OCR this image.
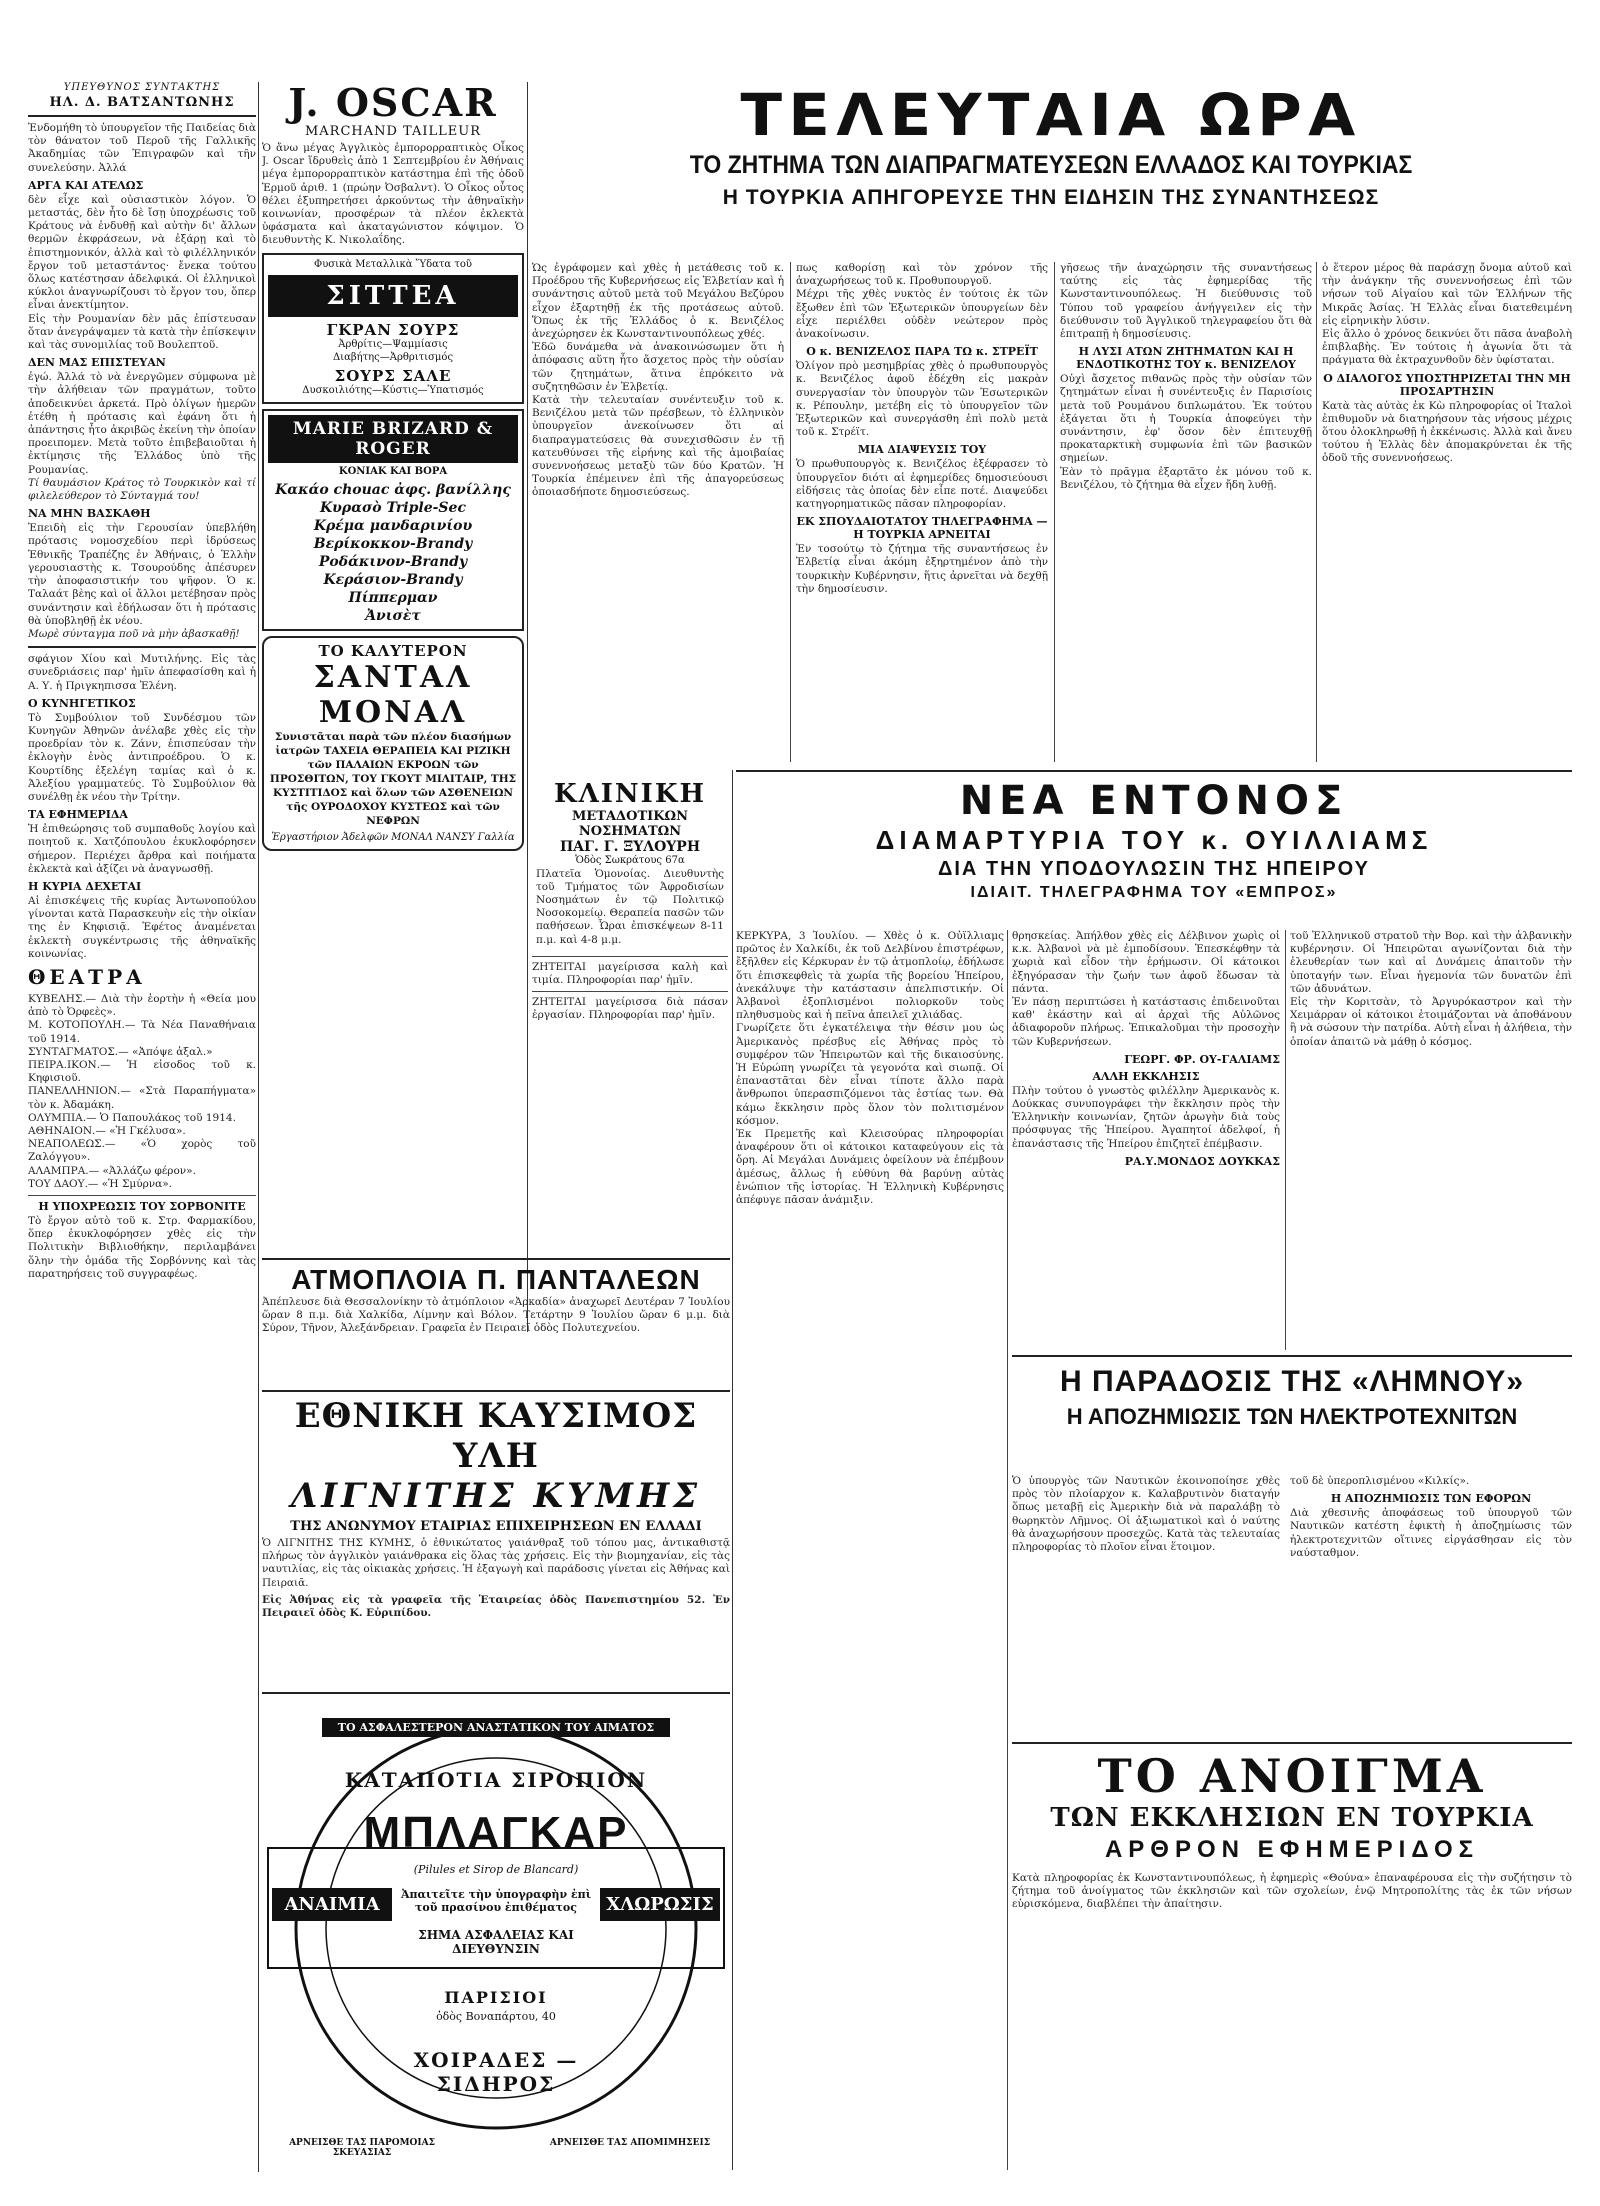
ΥΠΕΥΘΥΝΟΣ ΣΥΝΤΑΚΤΗΣ
ΗΛ. Δ. ΒΑΤΣΑΝΤΩΝΗΣ

Ἐνδομήθη τὸ ὑπουργεῖον τῆς Παιδείας διὰ τὸν θάνατον τοῦ Περοῦ τῆς Γαλλικῆς Ἀκαδημίας τῶν Ἐπιγραφῶν καὶ τῆν συνελεύσην. Ἀλλά

ΑΡΓΑ ΚΑΙ ΑΤΕΛΩΣ

δὲν εἶχε καὶ οὐσιαστικὸν λόγον. Ὁ μεταστάς, δὲν ἦτο δὲ ἴσῃ ὑποχρέωσις τοῦ Κράτους νὰ ἐνδυθῇ καὶ αὐτὴν δι' ἄλλων θερμῶν ἐκφράσεων, νὰ ἐξάρῃ καὶ τὸ ἐπιστημονικόν, ἀλλὰ καὶ τὸ φιλέλληνικόν ἔργον τοῦ μεταστάντος· ἔνεκα τούτου ὅλως κατέστησαν ἀδελφικά. Οἱ ἐλληνικοὶ κύκλοι ἀναγνωρίζουσι τὸ ἔργον του, ὅπερ εἶναι ἀνεκτίμητον.

Εἰς τὴν Ρουμανίαν δὲν μᾶς ἐπίστευσαν ὅταν ἀνεγράψαμεν τὰ κατὰ τὴν ἐπίσκεψιν καὶ τὰς συνομιλίας τοῦ Βουλεπτοῦ.

ΔΕΝ ΜΑΣ ΕΠΙΣΤΕΥΑΝ

ἐγώ. Ἀλλά τὸ νὰ ἐνεργῶμεν σύμφωνα μὲ τὴν ἀλήθειαν τῶν πραγμάτων, τοῦτο ἀποδεικνύει ἀρκετά. Πρὸ ὀλίγων ἡμερῶν ἐτέθη ἡ πρότασις καὶ ἐφάνη ὅτι ἡ ἀπάντησις ἦτο ἀκριβῶς ἐκείνη τὴν ὁποίαν προειπομεν. Μετὰ τοῦτο ἐπιβεβαιοῦται ἡ ἐκτίμησις τῆς Ἑλλάδος ὑπὸ τῆς Ρουμανίας.

Τί θαυμάσιον Κράτος τὸ Τουρκικὸν καὶ τί φιλελεύθερον τὸ Σύνταγμά του!

ΝΑ ΜΗΝ ΒΑΣΚΑΘΗ

Ἐπειδὴ εἰς τὴν Γερουσίαν ὑπεβλήθη πρότασις νομοσχεδίου περὶ ἱδρύσεως Ἐθνικῆς Τραπέζης ἐν Ἀθήναις, ὁ Ἑλλὴν γερουσιαστὴς κ. Τσουρούδης ἀπέσυρεν τὴν ἀποφασιστικήν του ψῆφον. Ὁ κ. Ταλαάτ βὲης καὶ οἱ ἄλλοι μετέβησαν πρὸς συνάντησιν καὶ ἐδήλωσαν ὅτι ἡ πρότασις θὰ ὑποβληθῇ ἐκ νέου.

Μωρὲ σύνταγμα ποῦ νὰ μὴν ἀβασκαθῇ!

σφάγιον Χίου καὶ Μυτιλήνης. Εἰς τὰς συνεδριάσεις παρ' ἡμῖν ἀπεφασίσθη καὶ ἡ Α. Υ. ἡ Πριγκηπισσα Ἑλένη.

Ο ΚΥΝΗΓΕΤΙΚΟΣ

Τὸ Συμβούλιον τοῦ Συνδέσμου τῶν Κυνηγῶν Ἀθηνῶν ἀνέλαβε χθὲς εἰς τὴν προεδρίαν τὸν κ. Ζάνν, ἐπισπεύσαν τὴν ἐκλογὴν ἑνὸς ἀντιπροέδρου. Ὁ κ. Κουρτίδης ἐξελέγη ταμίας καὶ ὁ κ. Ἀλεξίου γραμματεύς. Τὸ Συμβούλιον θὰ συνέλθῃ ἐκ νέου τὴν Τρίτην.

ΤΑ ΕΦΗΜΕΡΙΔΑ

Ἡ ἐπιθεώρησις τοῦ συμπαθοῦς λογίου καὶ ποιητοῦ κ. Χατζόπουλου ἐκυκλοφόρησεν σήμερον. Περιέχει ἄρθρα καὶ ποιήματα ἐκλεκτὰ καὶ ἀξίζει νὰ ἀναγνωσθῇ.

Η ΚΥΡΙΑ ΔΕΧΕΤΑΙ

Αἱ ἐπισκέψεις τῆς κυρίας Ἀντωνοπούλου γίνονται κατὰ Παρασκευὴν εἰς τὴν οἰκίαν της ἐν Κηφισιᾷ. Ἐφέτος ἀναμένεται ἐκλεκτὴ συγκέντρωσις τῆς ἀθηναϊκῆς κοινωνίας.

ΘΕΑΤΡΑ

ΚΥΒΕΛΗΣ.— Διὰ τὴν ἑορτὴν ἡ «Θεία μου ἀπὸ τὸ Ὀρφεὲς».

Μ. ΚΟΤΟΠΟΥΛΗ.— Τὰ Νέα Παναθήναια τοῦ 1914.

ΣΥΝΤΑΓΜΑΤΟΣ.— «Ἀπόψε ἀξαλ.»

ΠΕΙΡΑ.ΙΚΟΝ.— Ἡ εἰσοδος τοῦ κ. Κηφισιοῦ.

ΠΑΝΕΛΛΗΝΙΟΝ.— «Στὰ Παραπήγματα» τὸν κ. Ἀδαμάκη.

ΟΛΥΜΠΙΑ.— Ὁ Παπουλάκος τοῦ 1914.

ΑΘΗΝΑΙΟΝ.— «Ἡ Γκέλυσα».

ΝΕΑΠΟΛΕΩΣ.— «Ὁ χορὸς τοῦ Ζαλόγγου».

ΑΛΑΜΠΡΑ.— «Ἀλλάζω φέρον».

ΤΟΥ ΔΑΟΥ.— «Ἡ Σμύρνα».

Η ΥΠΟΧΡΕΩΣΙΣ ΤΟΥ ΣΟΡΒΟΝΙΤΕ

Τὸ ἔργον αὐτὸ τοῦ κ. Στρ. Φαρμακίδου, ὅπερ ἐκυκλοφόρησεν χθὲς εἰς τὴν Πολιτικὴν Βιβλιοθήκην, περιλαμβάνει ὅλην τὴν ὁμάδα τῆς Σορβόννης καὶ τὰς παρατηρήσεις τοῦ συγγραφέως.

J. OSCAR
MARCHAND TAILLEUR

Ὁ ἄνω μέγας Ἀγγλικὸς ἐμπορορραπτικὸς Οἶκος J. Oscar ἵδρυθεὶς ἀπὸ 1 Σεπτεμβρίου ἐν Ἀθήναις μέγα ἐμπορορραπτικὸν κατάστημα ἐπὶ τῆς ὁδοῦ Ἑρμοῦ ἀριθ. 1 (πρώην Ὀσβαλντ). Ὁ Οἶκος οὗτος θέλει ἐξυπηρετήσει ἀρκούντως τὴν ἀθηναϊκὴν κοινωνίαν, προσφέρων τὰ πλέον ἐκλεκτὰ ὑφάσματα καὶ ἀκαταγώνιστον κόψιμον. Ὁ διευθυντὴς Κ. Νικολαΐδης.

Φυσικὰ Μεταλλικὰ Ὕδατα τοῦ
ΣΙΤΤΕΑ
ΓΚΡΑΝ ΣΟΥΡΣ
Ἀρθρίτις—Ψαμμίασις
Διαβήτης—Ἀρθριτισμός
ΣΟΥΡΣ ΣΑΛΕ
Δυσκοιλιότης—Κύστις—Ὑπατισμός
MARIE BRIZARD & ROGER
ΚΟΝΙΑΚ ΚΑΙ ΒΟΡΑ
Κακάο chouac ἀφς. βανίλλης
Κυρασὸ Triple-Sec
Κρέμα μανδαρινίου
Βερίκοκκον-Brandy
Ροδάκινον-Brandy
Κεράσιον-Brandy
Πίππερμαν
Ἀνισὲτ
ΤΟ ΚΑΛΥΤΕΡΟΝ
ΣΑΝΤΑΛ ΜΟΝΑΛ
Συνιστᾶται παρὰ τῶν πλέον διασήμων ἰατρῶν ΤΑΧΕΙΑ ΘΕΡΑΠΕΙΑ ΚΑΙ ΡΙΖΙΚΗ τῶν ΠΑΛΑΙΩΝ ΕΚΡΟΩΝ τῶν ΠΡΟΣΘΙΤΩΝ, ΤΟΥ ΓΚΟΥΤ ΜΙΛΙΤΑΙΡ, ΤΗΣ ΚΥΣΤΙΤΙΔΟΣ καὶ ὅλων τῶν ΑΣΘΕΝΕΙΩΝ τῆς ΟΥΡΟΔΟΧΟΥ ΚΥΣΤΕΩΣ καὶ τῶν ΝΕΦΡΩΝ
Ἐργαστήριον Ἀδελφῶν ΜΟΝΑΛ ΝΑΝΣΥ Γαλλία
ΤΕΛΕΥΤΑΙΑ ΩΡΑ
ΤΟ ΖΗΤΗΜΑ ΤΩΝ ΔΙΑΠΡΑΓΜΑΤΕΥΣΕΩΝ ΕΛΛΑΔΟΣ ΚΑΙ ΤΟΥΡΚΙΑΣ
Η ΤΟΥΡΚΙΑ ΑΠΗΓΟΡΕΥΣΕ ΤΗΝ ΕΙΔΗΣΙΝ ΤΗΣ ΣΥΝΑΝΤΗΣΕΩΣ

Ὡς ἐγράφομεν καὶ χθὲς ἡ μετάθεσις τοῦ κ. Προέδρου τῆς Κυβερνήσεως εἰς Ἑλβετίαν καὶ ἡ συνάντησις αὐτοῦ μετὰ τοῦ Μεγάλου Βεζύρου εἶχον ἐξαρτηθῇ ἐκ τῆς προτάσεως αὐτοῦ. Ὅπως ἐκ τῆς Ἑλλάδος ὁ κ. Βενιζέλος ἀνεχώρησεν ἐκ Κωνσταντινουπόλεως χθές.

Ἐδῶ δυνάμεθα νὰ ἀνακοινώσωμεν ὅτι ἡ ἀπόφασις αὕτη ἦτο ἄσχετος πρὸς τὴν οὐσίαν τῶν ζητημάτων, ἅτινα ἐπρόκειτο νὰ συζητηθῶσιν ἐν Ἑλβετίᾳ.

Κατὰ τὴν τελευταίαν συνέντευξιν τοῦ κ. Βενιζέλου μετὰ τῶν πρέσβεων, τὸ ἑλληνικὸν ὑπουργεῖον ἀνεκοίνωσεν ὅτι αἱ διαπραγματεύσεις θὰ συνεχισθῶσιν ἐν τῇ κατευθύνσει τῆς εἰρήνης καὶ τῆς ἀμοιβαίας συνεννοήσεως μεταξὺ τῶν δύο Κρατῶν. Ἡ Τουρκία ἐπέμεινεν ἐπὶ τῆς ἀπαγορεύσεως ὁποιασδήποτε δημοσιεύσεως.

πως καθορίσῃ καὶ τὸν χρόνον τῆς ἀναχωρήσεως τοῦ κ. Προθυπουργοῦ.

Μέχρι τῆς χθὲς νυκτὸς ἐν τούτοις ἐκ τῶν ἔξωθεν ἐπὶ τῶν Ἐξωτερικῶν ὑπουργείων δὲν εἶχε περιέλθει οὐδὲν νεώτερον πρὸς ἀνακοίνωσιν.

Ο κ. ΒΕΝΙΖΕΛΟΣ ΠΑΡΑ ΤΩ κ. ΣΤΡΕΪΤ

Ὀλίγον πρὸ μεσημβρίας χθὲς ὁ πρωθυπουργὸς κ. Βενιζέλος ἀφοῦ ἐδέχθη εἰς μακρὰν συνεργασίαν τὸν ὑπουργὸν τῶν Ἐσωτερικῶν κ. Ρέπουλην, μετέβη εἰς τὸ ὑπουργεῖον τῶν Ἐξωτερικῶν καὶ συνεργάσθη ἐπὶ πολὺ μετὰ τοῦ κ. Στρέϊτ.

ΜΙΑ ΔΙΑΨΕΥΣΙΣ ΤΟΥ

Ὁ πρωθυπουργὸς κ. Βενιζέλος ἐξέφρασεν τὸ ὑπουργεῖον διότι αἱ ἐφημερίδες δημοσιεύουσι εἰδήσεις τὰς ὁποίας δὲν εἶπε ποτέ. Διαψεύδει κατηγορηματικῶς πᾶσαν πληροφορίαν.

ΕΚ ΣΠΟΥΔΑΙΟΤΑΤΟΥ ΤΗΛΕΓΡΑΦΗΜΑ —Η ΤΟΥΡΚΙΑ ΑΡΝΕΙΤΑΙ

Ἐν τοσούτῳ τὸ ζήτημα τῆς συναντήσεως ἐν Ἑλβετίᾳ εἶναι ἀκόμη ἐξηρτημένον ἀπὸ τὴν τουρκικὴν Κυβέρνησιν, ἥτις ἀρνεῖται νὰ δεχθῇ τὴν δημοσίευσιν.

γῆσεως τῆν ἀναχώρησιν τῆς συναντήσεως ταύτης εἰς τὰς ἐφημερίδας τῆς Κωνσταντινουπόλεως. Ἡ διεύθυνσις τοῦ Τύπου τοῦ γραφείου ἀνήγγειλεν εἰς τὴν διεύθυνσιν τοῦ Ἀγγλικοῦ τηλεγραφείου ὅτι θὰ ἐπιτραπῇ ἡ δημοσίευσις.

Η ΛΥΣΙ ΑΤΩΝ ΖΗΤΗΜΑΤΩΝ ΚΑΙ Η ΕΝΔΟΤΙΚΟΤΗΣ ΤΟΥ κ. ΒΕΝΙΖΕΛΟΥ

Οὐχὶ ἄσχετος πιθανῶς πρὸς τὴν οὐσίαν τῶν ζητημάτων εἶναι ἡ συνέντευξις ἐν Παρισίοις μετὰ τοῦ Ρουμάνου διπλωμάτου. Ἐκ τούτου ἐξάγεται ὅτι ἡ Τουρκία ἀποφεύγει τὴν συνάντησιν, ἐφ' ὅσον δὲν ἐπιτευχθῇ προκαταρκτικὴ συμφωνία ἐπὶ τῶν βασικῶν σημείων.

Ἐὰν τὸ πρᾶγμα ἐξαρτᾶτο ἐκ μόνου τοῦ κ. Βενιζέλου, τὸ ζήτημα θὰ εἶχεν ἤδη λυθῇ.

ὁ ἕτερον μέρος θὰ παράσχῃ ὄνομα αὐτοῦ καὶ τὴν ἀνάγκην τῆς συνεννοήσεως ἐπὶ τῶν νήσων τοῦ Αἰγαίου καὶ τῶν Ἑλλήνων τῆς Μικρᾶς Ἀσίας. Ἡ Ἑλλὰς εἶναι διατεθειμένη εἰς εἰρηνικὴν λύσιν.

Εἰς ἄλλο ὁ χρόνος δεικνύει ὅτι πᾶσα ἀναβολὴ ἐπιβλαβὴς. Ἐν τούτοις ἡ ἀγωνία ὅτι τὰ πράγματα θὰ ἐκτραχυνθοῦν δὲν ὑφίσταται.

Ο ΔΙΑΛΟΓΟΣ ΥΠΟΣΤΗΡΙΖΕΤΑΙ ΤΗΝ ΜΗ ΠΡΟΣΑΡΤΗΣΙΝ

Κατὰ τὰς αὐτὰς ἐκ Κὼ πληροφορίας οἱ Ἰταλοὶ ἐπιθυμοῦν νὰ διατηρήσουν τὰς νήσους μέχρις ὅτου ὁλοκληρωθῇ ἡ ἐκκένωσις. Ἀλλὰ καὶ ἄνευ τούτου ἡ Ἑλλὰς δὲν ἀπομακρύνεται ἐκ τῆς ὁδοῦ τῆς συνεννοήσεως.

ΚΛΙΝΙΚΗ
ΜΕΤΑΔΟΤΙΚΩΝ ΝΟΣΗΜΑΤΩΝ
ΠΑΓ. Γ. ΞΥΛΟΥΡΗ
Ὁδὸς Σωκράτους 67α

Πλατεῖα Ὁμονοίας. Διευθυντὴς τοῦ Τμήματος τῶν Ἀφροδισίων Νοσημάτων ἐν τῷ Πολιτικῷ Νοσοκομείῳ. Θεραπεία πασῶν τῶν παθήσεων. Ὧραι ἐπισκέψεων 8-11 π.μ. καὶ 4-8 μ.μ.

ΖΗΤΕΙΤΑΙ μαγείρισσα καλὴ καὶ τιμία. Πληροφορίαι παρ' ἡμῖν.

ΖΗΤΕΙΤΑΙ μαγείρισσα διὰ πάσαν ἐργασίαν. Πληροφορίαι παρ' ἡμῖν.

ΝΕΑ ΕΝΤΟΝΟΣ
ΔΙΑΜΑΡΤΥΡΙΑ ΤΟΥ κ. ΟΥΙΛΛΙΑΜΣ
ΔΙΑ ΤΗΝ ΥΠΟΔΟΥΛΩΣΙΝ ΤΗΣ ΗΠΕΙΡΟΥ
ΙΔΙΑΙΤ. ΤΗΛΕΓΡΑΦΗΜΑ ΤΟΥ «ΕΜΠΡΟΣ»

ΚΕΡΚΥΡΑ, 3 Ἰουλίου. — Χθὲς ὁ κ. Οὐϊλλιαμς πρῶτος ἐν Χαλκίδι, ἐκ τοῦ Δελβίνου ἐπιστρέφων, ἔξῆλθεν εἰς Κέρκυραν ἐν τῷ ἀτμοπλοίῳ, ἐδήλωσε ὅτι ἐπισκεφθεὶς τὰ χωρία τῆς βορείου Ἠπείρου, ἀνεκάλυψε τὴν κατάστασιν ἀπελπιστικήν. Οἱ Ἀλβανοὶ ἐξοπλισμένοι πολιορκοῦν τοὺς πληθυσμοὺς καὶ ἡ πεῖνα ἀπειλεῖ χιλιάδας.

Γνωρίζετε ὅτι ἐγκατέλειψα τὴν θέσιν μου ὡς Ἀμερικανὸς πρέσβυς εἰς Ἀθήνας πρὸς τὸ συμφέρον τῶν Ἠπειρωτῶν καὶ τῆς δικαιοσύνης. Ἡ Εὐρώπη γνωρίζει τὰ γεγονότα καὶ σιωπᾷ. Οἱ ἐπαναστᾶται δὲν εἶναι τίποτε ἄλλο παρὰ ἄνθρωποι ὑπερασπιζόμενοι τὰς ἑστίας των. Θὰ κάμω ἔκκλησιν πρὸς ὅλον τὸν πολιτισμένον κόσμον.

Ἐκ Πρεμετῆς καὶ Κλεισούρας πληροφορίαι ἀναφέρουν ὅτι οἱ κάτοικοι καταφεύγουν εἰς τὰ ὄρη. Αἱ Μεγάλαι Δυνάμεις ὀφείλουν νὰ ἐπέμβουν ἀμέσως, ἄλλως ἡ εὐθύνη θὰ βαρύνῃ αὐτὰς ἐνώπιον τῆς ἱστορίας. Ἡ Ἑλληνικὴ Κυβέρνησις ἀπέφυγε πᾶσαν ἀνάμιξιν.

θρησκείας. Ἀπήλθον χθὲς εἰς Δέλβινον χωρὶς οἱ κ.κ. Ἀλβανοὶ νὰ μὲ ἐμποδίσουν. Ἐπεσκέφθην τὰ χωριὰ καὶ εἶδον τὴν ἐρήμωσιν. Οἱ κάτοικοι ἐξηγόρασαν τὴν ζωήν των ἀφοῦ ἔδωσαν τὰ πάντα.

Ἐν πάσῃ περιπτώσει ἡ κατάστασις ἐπιδεινοῦται καθ' ἑκάστην καὶ αἱ ἀρχαὶ τῆς Αὐλῶνος ἀδιαφοροῦν πλήρως. Ἐπικαλοῦμαι τὴν προσοχὴν τῶν Κυβερνήσεων.

ΓΕΩΡΓ. ΦΡ. ΟΥ-ΓΑΛΙΑΜΣ
ΑΛΛΗ ΕΚΚΛΗΣΙΣ

Πλὴν τούτου ὁ γνωστὸς φιλέλλην Ἀμερικανὸς κ. Δούκκας συνυπογράφει τὴν ἔκκλησιν πρὸς τὴν Ἑλληνικὴν κοινωνίαν, ζητῶν ἀρωγὴν διὰ τοὺς πρόσφυγας τῆς Ἠπείρου. Ἀγαπητοί ἀδελφοί, ἡ ἐπανάστασις τῆς Ἠπείρου ἐπιζητεῖ ἐπέμβασιν.

ΡΑ.Υ.ΜΟΝΔΟΣ ΔΟΥΚΚΑΣ

τοῦ Ἑλληνικοῦ στρατοῦ τὴν Βορ. καὶ τὴν ἀλβανικὴν κυβέρνησιν. Οἱ Ἠπειρῶται αγωνίζονται διὰ τὴν ἐλευθερίαν των καὶ αἱ Δυνάμεις ἀπαιτοῦν τὴν ὑποταγήν των. Εἶναι ἡγεμονία τῶν δυνατῶν ἐπὶ τῶν ἀδυνάτων.

Εἰς τὴν Κοριτσὰν, τὸ Ἀργυρόκαστρον καὶ τὴν Χειμάρραν οἱ κάτοικοι ἑτοιμάζονται νὰ ἀποθάνουν ἢ νὰ σώσουν τὴν πατρίδα. Αὐτὴ εἶναι ἡ ἀλήθεια, τὴν ὁποίαν ἀπαιτῶ νὰ μάθῃ ὁ κόσμος.

Η ΠΑΡΑΔΟΣΙΣ ΤΗΣ «ΛΗΜΝΟΥ»
Η ΑΠΟΖΗΜΙΩΣΙΣ ΤΩΝ ΗΛΕΚΤΡΟΤΕΧΝΙΤΩΝ

Ὁ ὑπουργὸς τῶν Ναυτικῶν ἐκοινοποίησε χθὲς πρὸς τὸν πλοίαρχον κ. Καλαβρυτινὸν διαταγήν ὅπως μεταβῇ εἰς Ἀμερικὴν διὰ νὰ παραλάβῃ τὸ θωρηκτὸν Λῆμνος. Οἱ ἀξιωματικοὶ καὶ ὁ ναύτης θὰ ἀναχωρήσουν προσεχῶς. Κατὰ τὰς τελευταίας πληροφορίας τὸ πλοῖον εἶναι ἕτοιμον.

τοῦ δὲ ὑπεροπλισμένου «Κιλκίς».

Η ΑΠΟΖΗΜΙΩΣΙΣ ΤΩΝ ΕΦΟΡΩΝ

Διὰ χθεσινῆς ἀποφάσεως τοῦ ὑπουργοῦ τῶν Ναυτικῶν κατέστη ἐφικτὴ ἡ ἀποζημίωσις τῶν ἠλεκτροτεχνιτῶν οἵτινες εἰργάσθησαν εἰς τὸν ναύσταθμον.

ΤΟ ΑΝΟΙΓΜΑ
ΤΩΝ ΕΚΚΛΗΣΙΩΝ ΕΝ ΤΟΥΡΚΙΑ
ΑΡΘΡΟΝ ΕΦΗΜΕΡΙΔΟΣ

Κατὰ πληροφορίας ἐκ Κωνσταντινουπόλεως, ἡ ἐφημερὶς «Θούνα» ἐπαναφέρουσα εἰς τὴν συζήτησιν τὸ ζήτημα τοῦ ἀνοίγματος τῶν ἐκκλησιῶν καὶ τῶν σχολείων, ἐνῷ Μητροπολίτης τὰς ἐκ τῶν νήσων εὑρισκόμενα, διαβλέπει τὴν ἀπαίτησιν.

ΑΤΜΟΠΛΟΙΑ Π. ΠΑΝΤΑΛΕΩΝ

Ἀπέπλευσε διὰ Θεσσαλονίκην τὸ ἀτμόπλοιον «Ἀρκαδία» ἀναχωρεῖ Δευτέραν 7 Ἰουλίου ὥραν 8 π.μ. διὰ Χαλκίδα, Λίμνην καὶ Βόλον. Τετάρτην 9 Ἰουλίου ὥραν 6 μ.μ. διὰ Σύρον, Τῆνον, Ἀλεξάνδρειαν. Γραφεῖα ἐν Πειραιεῖ ὁδὸς Πολυτεχνείου.

ΕΘΝΙΚΗ ΚΑΥΣΙΜΟΣ ΥΛΗ
ΛΙΓΝΙΤΗΣ ΚΥΜΗΣ
ΤΗΣ ΑΝΩΝΥΜΟΥ ΕΤΑΙΡΙΑΣ ΕΠΙΧΕΙΡΗΣΕΩΝ ΕΝ ΕΛΛΑΔΙ

Ὁ ΛΙΓΝΙΤΗΣ ΤΗΣ ΚΥΜΗΣ, ὁ ἐθνικώτατος γαιάνθραξ τοῦ τόπου μας, ἀντικαθιστᾷ πλήρως τὸν ἀγγλικὸν γαιάνθρακα εἰς ὅλας τὰς χρήσεις. Εἰς τὴν βιομηχανίαν, εἰς τὰς ναυτιλίας, εἰς τὰς οἰκιακὰς χρήσεις. Ἡ ἐξαγωγὴ καὶ παράδοσις γίνεται εἰς Ἀθήνας καὶ Πειραιᾶ.

Εἰς Ἀθήνας εἰς τὰ γραφεῖα τῆς Ἑταιρείας ὁδὸς Πανεπιστημίου 52. Ἐν Πειραιεῖ ὁδὸς Κ. Εὐριπίδου.

ΤΟ ΑΣΦΑΛΕΣΤΕΡΟΝ ΑΝΑΣΤΑΤΙΚΟΝ ΤΟΥ ΑΙΜΑΤΟΣ
ΚΑΤΑΠΟΤΙΑ ΣΙΡΟΠΙΟΝ
ΜΠΛΑΓΚΑΡ
ΑΝΑΙΜΙΑ	ΧΛΩΡΩΣΙΣ
(Pilules et Sirop de Blancard)
Ἀπαιτεῖτε τὴν ὑπογραφὴν ἐπὶ τοῦ πρασίνου ἐπιθέματος
ΣΗΜΑ ΑΣΦΑΛΕΙΑΣ ΚΑΙ ΔΙΕΥΘΥΝΣΙΝ
ΠΑΡΙΣΙΟΙ
ὁδὸς Βοναπάρτου, 40
ΧΟΙΡΑΔΕΣ — ΣΙΔΗΡΟΣ
ΑΡΝΕΙΣΘΕ ΤΑΣ ΠΑΡΟΜΟΙΑΣ ΣΚΕΥΑΣΙΑΣ
ΑΡΝΕΙΣΘΕ ΤΑΣ ΑΠΟΜΙΜΗΣΕΙΣ
